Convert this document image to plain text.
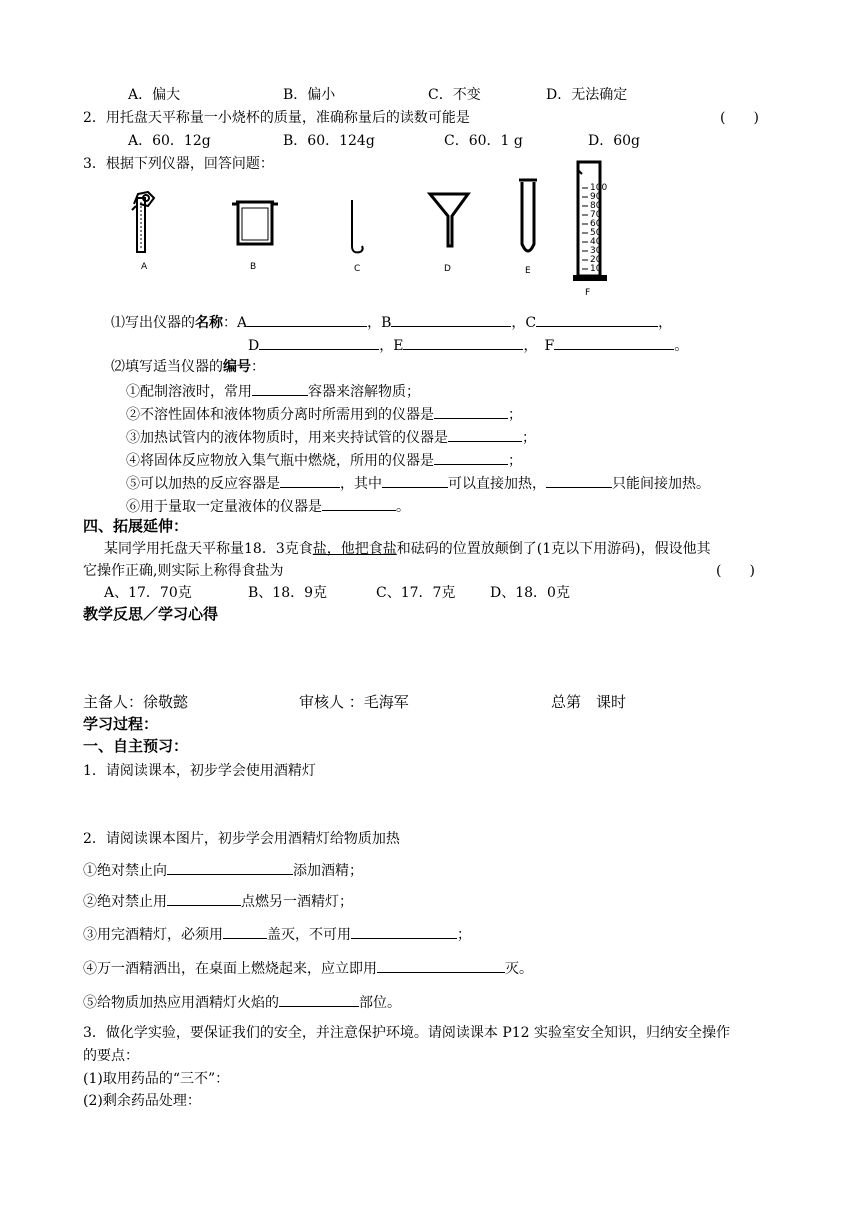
A．偏大	B．偏小	C．不变	D．无法确定
2．用托盘天平称量一小烧杯的质量，准确称量后的读数可能是	(　　)
A．60．12g	B．60．124g	C．60．1 g	D．60g
3．根据下列仪器，回答问题：
100
90
80
70
60
50
40
30
20
10
A	B	C	D	E
F
⑴写出仪器的名称：A	，B	，C	，
D	，E	，　F	。
⑵填写适当仪器的编号：
①配制溶液时，常用	容器来溶解物质；
②不溶性固体和液体物质分离时所需用到的仪器是	；
③加热试管内的液体物质时，用来夹持试管的仪器是	；
④将固体反应物放入集气瓶中燃烧，所用的仪器是	；
⑤可以加热的反应容器是	，其中	可以直接加热，	只能间接加热。
⑥用于量取一定量液体的仪器是	。
四、拓展延伸：
某同学用托盘天平称量18．3克食盐，他把食盐和砝码的位置放颠倒了(1克以下用游码)，假设他其
它操作正确,则实际上称得食盐为	(　　)
A、17．70克	B、18．9克	C、17．7克 D、18．0克
教学反思／学习心得
主备人：徐敬懿	审核人 ：毛海军	总第　课时
学习过程：
一、自主预习：
1．请阅读课本，初步学会使用酒精灯
2．请阅读课本图片，初步学会用酒精灯给物质加热
①绝对禁止向	添加酒精；
②绝对禁止用	点燃另一酒精灯；
③用完酒精灯，必须用	盖灭，不可用	；
④万一酒精洒出，在桌面上燃烧起来，应立即用	灭。
⑤给物质加热应用酒精灯火焰的	部位。
3．做化学实验，要保证我们的安全，并注意保护环境。请阅读课本 P12 实验室安全知识，归纳安全操作
的要点：
(1)取用药品的“三不”：
(2)剩余药品处理：
